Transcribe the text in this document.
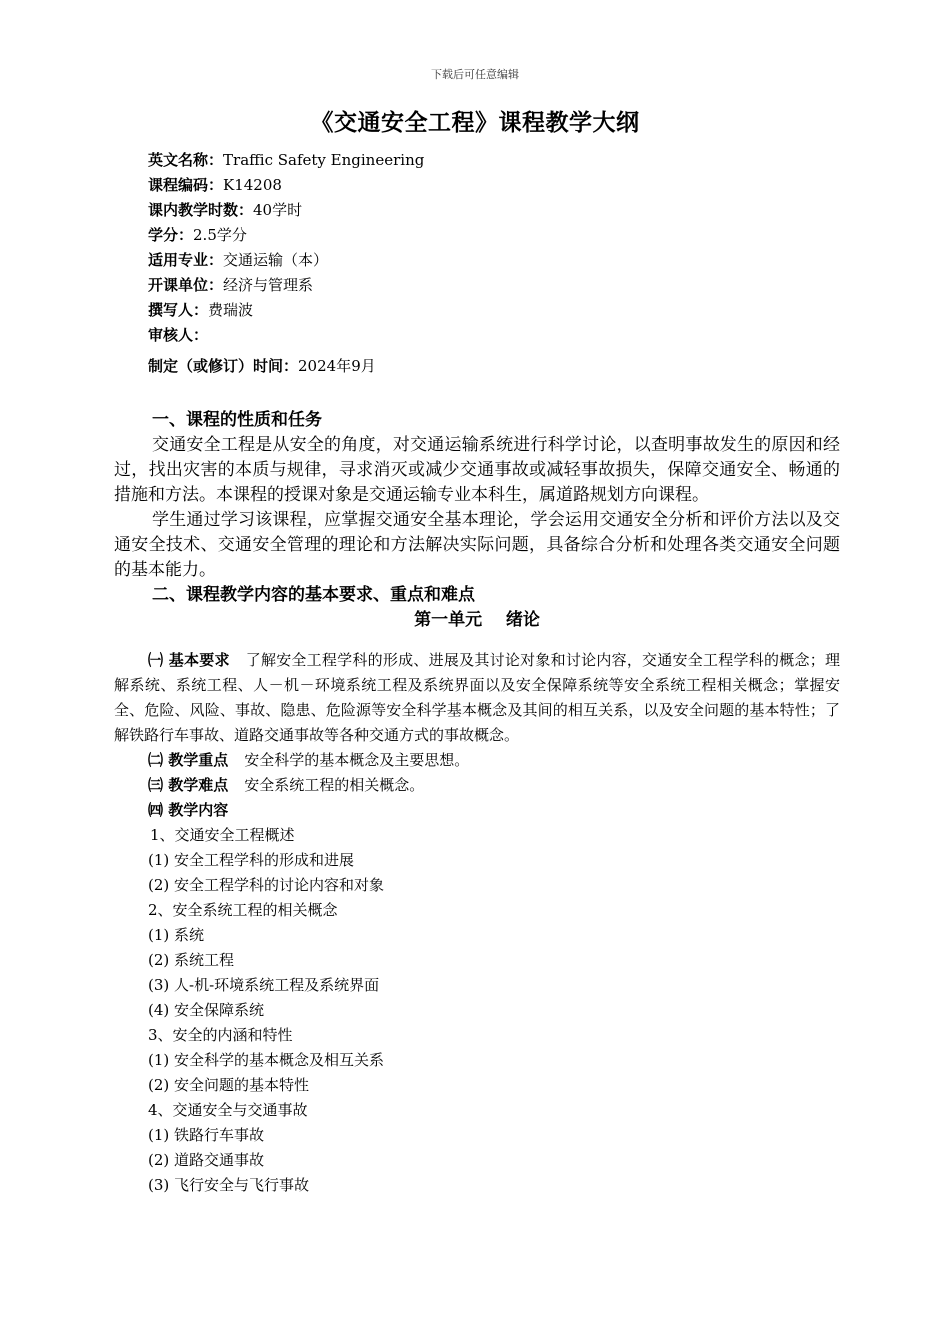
下载后可任意编辑
《交通安全工程》课程教学大纲
英文名称：Traffic Safety Engineering
课程编码：K14208
课内教学时数：40学时
学分：2.5学分
适用专业：交通运输（本）
开课单位：经济与管理系
撰写人：费瑞波
审核人：
制定（或修订）时间：2024年9月
一、课程的性质和任务

交通安全工程是从安全的角度，对交通运输系统进行科学讨论，以查明事故发生的原因和经过，找出灾害的本质与规律，寻求消灭或减少交通事故或减轻事故损失，保障交通安全、畅通的措施和方法。本课程的授课对象是交通运输专业本科生，属道路规划方向课程。

学生通过学习该课程，应掌握交通安全基本理论，学会运用交通安全分析和评价方法以及交通安全技术、交通安全管理的理论和方法解决实际问题，具备综合分析和处理各类交通安全问题的基本能力。

二、课程教学内容的基本要求、重点和难点
第一单元    绪论

㈠ 基本要求 了解安全工程学科的形成、进展及其讨论对象和讨论内容，交通安全工程学科的概念；理解系统、系统工程、人－机－环境系统工程及系统界面以及安全保障系统等安全系统工程相关概念；掌握安全、危险、风险、事故、隐患、危险源等安全科学基本概念及其间的相互关系，以及安全问题的基本特性；了解铁路行车事故、道路交通事故等各种交通方式的事故概念。

㈡ 教学重点 安全科学的基本概念及主要思想。
㈢ 教学难点 安全系统工程的相关概念。
㈣ 教学内容
1、交通安全工程概述
(1) 安全工程学科的形成和进展
(2) 安全工程学科的讨论内容和对象
2、安全系统工程的相关概念
(1) 系统
(2) 系统工程
(3) 人-机-环境系统工程及系统界面
(4) 安全保障系统
3、安全的内涵和特性
(1) 安全科学的基本概念及相互关系
(2) 安全问题的基本特性
4、交通安全与交通事故
(1) 铁路行车事故
(2) 道路交通事故
(3) 飞行安全与飞行事故
